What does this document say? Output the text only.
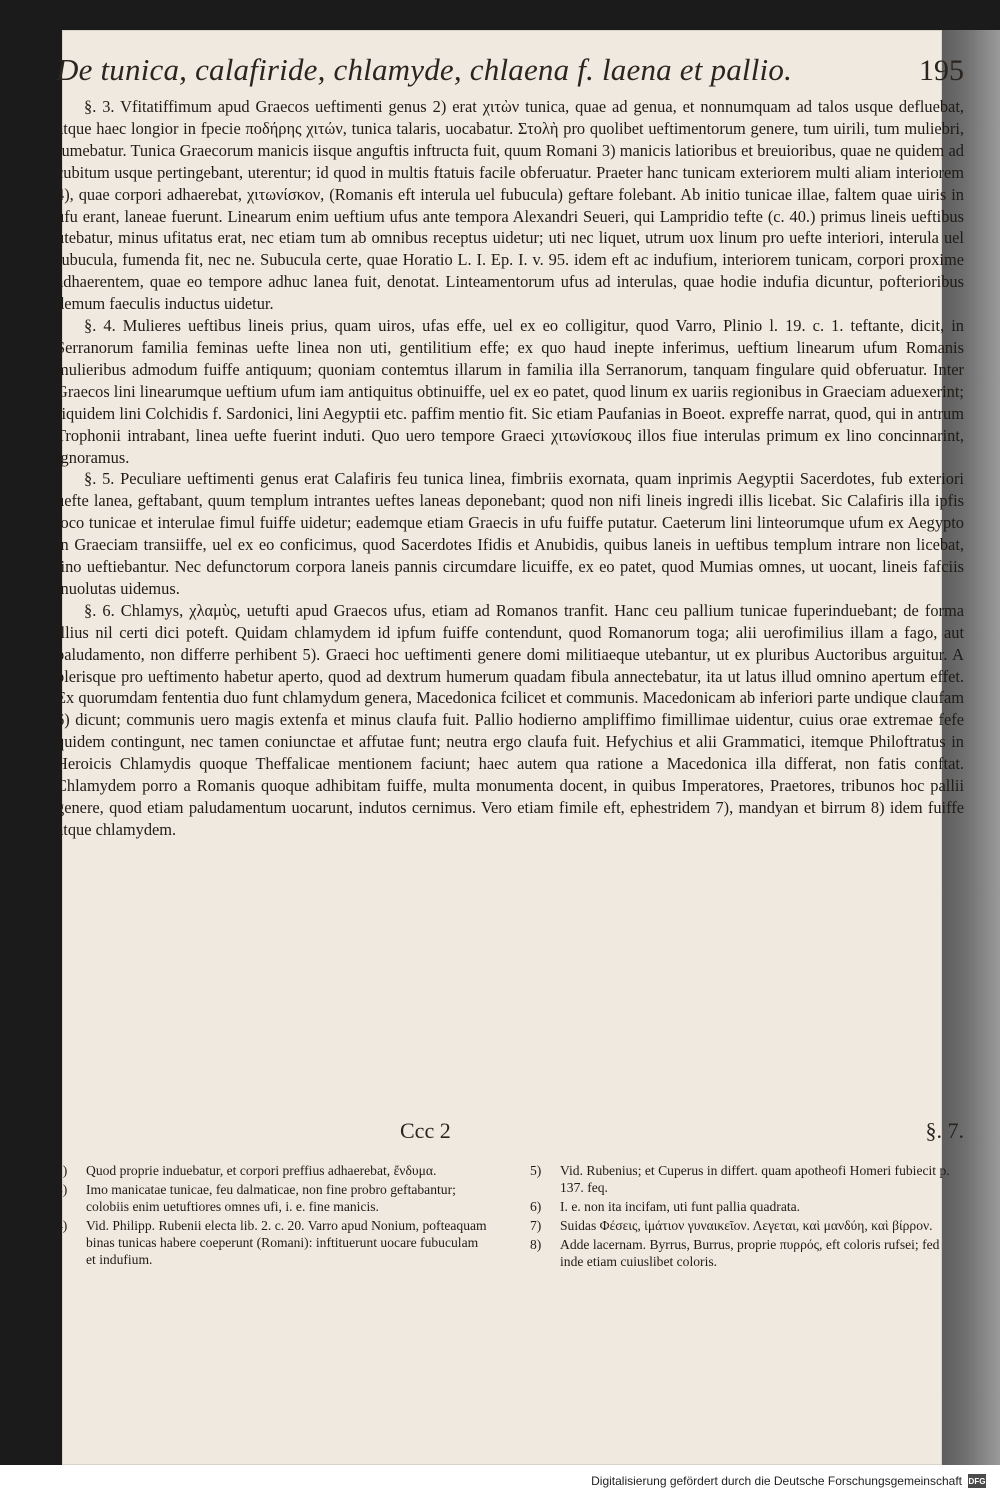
De tunica, calafiride, chlamyde, chlaena f. laena et pallio.	195

§. 3. Vfitatiffimum apud Graecos ueftimenti genus 2) erat χιτὼν tunica, quae ad genua, et nonnumquam ad talos usque defluebat, atque haec longior in fpecie ποδήρης χιτών, tunica talaris, uocabatur. Στολὴ pro quolibet ueftimentorum genere, tum uirili, tum muliebri, fumebatur. Tunica Graecorum manicis iisque anguftis inftructa fuit, quum Romani 3) manicis latioribus et breuioribus, quae ne quidem ad cubitum usque pertingebant, uterentur; id quod in multis ftatuis facile obferuatur. Praeter hanc tunicam exteriorem multi aliam interiorem 4), quae corpori adhaerebat, χιτωνίσκον, (Romanis eft interula uel fubucula) geftare folebant. Ab initio tunicae illae, faltem quae uiris in ufu erant, laneae fuerunt. Linearum enim ueftium ufus ante tempora Alexandri Seueri, qui Lampridio tefte (c. 40.) primus lineis ueftibus utebatur, minus ufitatus erat, nec etiam tum ab omnibus receptus uidetur; uti nec liquet, utrum uox linum pro uefte interiori, interula uel fubucula, fumenda fit, nec ne. Subucula certe, quae Horatio L. I. Ep. I. v. 95. idem eft ac indufium, interiorem tunicam, corpori proxime adhaerentem, quae eo tempore adhuc lanea fuit, denotat. Linteamentorum ufus ad interulas, quae hodie indufia dicuntur, pofterioribus demum faeculis inductus uidetur.

§. 4. Mulieres ueftibus lineis prius, quam uiros, ufas effe, uel ex eo colligitur, quod Varro, Plinio l. 19. c. 1. teftante, dicit, in Serranorum familia feminas uefte linea non uti, gentilitium effe; ex quo haud inepte inferimus, ueftium linearum ufum Romanis mulieribus admodum fuiffe antiquum; quoniam contemtus illarum in familia illa Serranorum, tanquam fingulare quid obferuatur. Inter Graecos lini linearumque ueftium ufum iam antiquitus obtinuiffe, uel ex eo patet, quod linum ex uariis regionibus in Graeciam aduexerint; fiquidem lini Colchidis f. Sardonici, lini Aegyptii etc. paffim mentio fit. Sic etiam Paufanias in Boeot. expreffe narrat, quod, qui in antrum Trophonii intrabant, linea uefte fuerint induti. Quo uero tempore Graeci χιτωνίσκους illos fiue interulas primum ex lino concinnarint, ignoramus.

§. 5. Peculiare ueftimenti genus erat Calafiris feu tunica linea, fimbriis exornata, quam inprimis Aegyptii Sacerdotes, fub exteriori uefte lanea, geftabant, quum templum intrantes ueftes laneas deponebant; quod non nifi lineis ingredi illis licebat. Sic Calafiris illa ipfis loco tunicae et interulae fimul fuiffe uidetur; eademque etiam Graecis in ufu fuiffe putatur. Caeterum lini linteorumque ufum ex Aegypto in Graeciam transiiffe, uel ex eo conficimus, quod Sacerdotes Ifidis et Anubidis, quibus laneis in ueftibus templum intrare non licebat, lino ueftiebantur. Nec defunctorum corpora laneis pannis circumdare licuiffe, ex eo patet, quod Mumias omnes, ut uocant, lineis fafciis inuolutas uidemus.

§. 6. Chlamys, χλαμὺς, uetufti apud Graecos ufus, etiam ad Romanos tranfit. Hanc ceu pallium tunicae fuperinduebant; de forma illius nil certi dici poteft. Quidam chlamydem id ipfum fuiffe contendunt, quod Romanorum toga; alii uerofimilius illam a fago, aut paludamento, non differre perhibent 5). Graeci hoc ueftimenti genere domi militiaeque utebantur, ut ex pluribus Auctoribus arguitur. A plerisque pro ueftimento habetur aperto, quod ad dextrum humerum quadam fibula annectebatur, ita ut latus illud omnino apertum effet. Ex quorumdam fententia duo funt chlamydum genera, Macedonica fcilicet et communis. Macedonicam ab inferiori parte undique claufam 6) dicunt; communis uero magis extenfa et minus claufa fuit. Pallio hodierno ampliffimo fimillimae uidentur, cuius orae extremae fefe quidem contingunt, nec tamen coniunctae et affutae funt; neutra ergo claufa fuit. Hefychius et alii Grammatici, itemque Philoftratus in Heroicis Chlamydis quoque Theffalicae mentionem faciunt; haec autem qua ratione a Macedonica illa differat, non fatis conftat. Chlamydem porro a Romanis quoque adhibitam fuiffe, multa monumenta docent, in quibus Imperatores, Praetores, tribunos hoc pallii genere, quod etiam paludamentum uocarunt, indutos cernimus. Vero etiam fimile eft, ephestridem 7), mandyan et birrum 8) idem fuiffe atque chlamydem.

Ccc 2	§. 7.
2)	Quod proprie induebatur, et corpori preffius adhaerebat, ἔνδυμα.
3)	Imo manicatae tunicae, feu dalmaticae, non fine probro geftabantur; colobiis enim uetuftiores omnes ufi, i. e. fine manicis.
4)	Vid. Philipp. Rubenii electa lib. 2. c. 20. Varro apud Nonium, pofteaquam binas tunicas habere coeperunt (Romani): inftituerunt uocare fubuculam et indufium.
5)	Vid. Rubenius; et Cuperus in differt. quam apotheofi Homeri fubiecit p. 137. feq.
6)	I. e. non ita incifam, uti funt pallia quadrata.
7)	Suidas Φέσεις, ἱμάτιον γυναικεῖον. Λεγεται, καὶ μανδύη, καὶ βίρρον.
8)	Adde lacernam. Byrrus, Burrus, proprie πυρρός, eft coloris rufsei; fed inde etiam cuiuslibet coloris.
Digitalisierung gefördert durch die Deutsche Forschungsgemeinschaft DFG
